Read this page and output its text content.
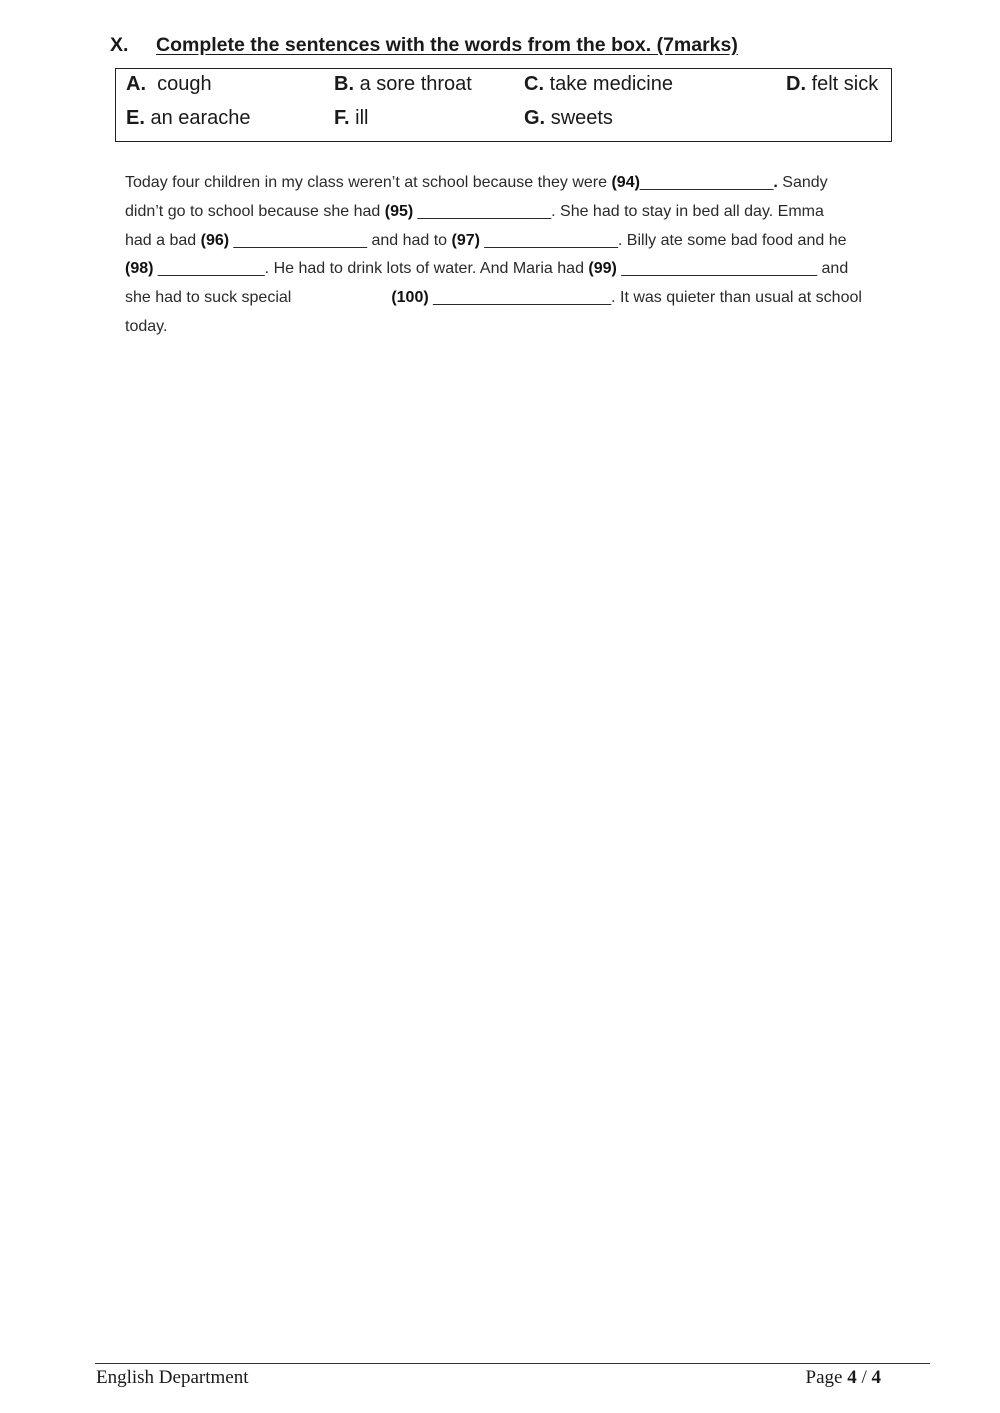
X. Complete the sentences with the words from the box. (7marks)
A. cough	B. a sore throat	C. take medicine	D. felt sick
E. an earache	F. ill	G. sweets
Today four children in my class weren’t at school because they were (94)_______________. Sandy
didn’t go to school because she had (95) _______________. She had to stay in bed all day. Emma
had a bad (96) _______________ and had to (97) _______________. Billy ate some bad food and he
(98) ____________. He had to drink lots of water. And Maria had (99) ______________________ and
she had to suck special	(100) ____________________. It was quieter than usual at school
today.
English Department	Page 4 / 4
